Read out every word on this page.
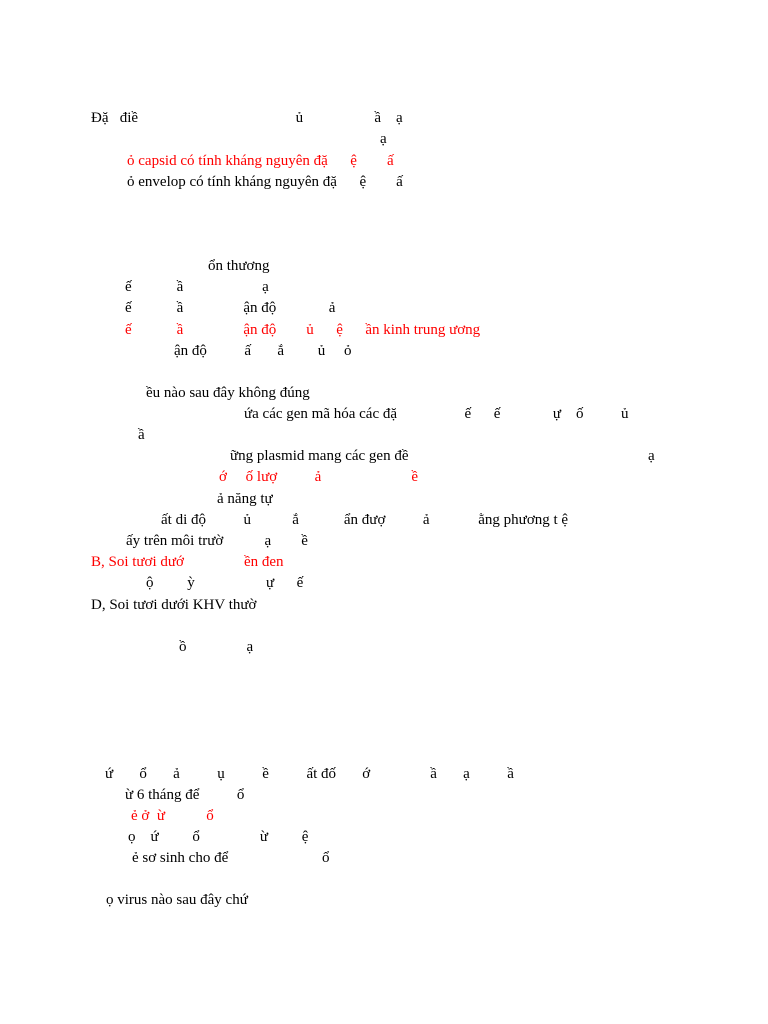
Đặ   điề                                          ủ                   ầ    ạ
ạ
ỏ capsid có tính kháng nguyên đặ      ệ        ấ
ỏ envelop có tính kháng nguyên đặ      ệ        ấ
ổn thương
ế            ầ                     ạ
ế            ầ                ận độ              ả
ế            ầ                ận độ        ủ      ệ      ần kinh trung ương
ận độ          ấ       ắ         ủ     ỏ
ều nào sau đây không đúng
ứa các gen mã hóa các đặ                  ế      ế              ự    ố          ủ
ầ
ững plasmid mang các gen đề	ạ
ớ     ố lượ          ả                        ề
ả năng tự
ất di độ          ủ           ắ            ẩn đượ          ả             ằng phương t ệ
ấy trên môi trườ           ạ        ề
B, Soi tươi dướ                ền đen
ộ         ỳ                   ự      ế
D, Soi tươi dưới KHV thườ
ồ                ạ
ứ       ổ       ả          ụ          ề          ất đố       ớ                ầ       ạ          ầ
ừ 6 tháng để          ổ
ẻ ở  ừ           ổ
ọ    ứ         ổ                ừ         ệ
ẻ sơ sinh cho để                         ổ
ọ virus nào sau đây chứ
